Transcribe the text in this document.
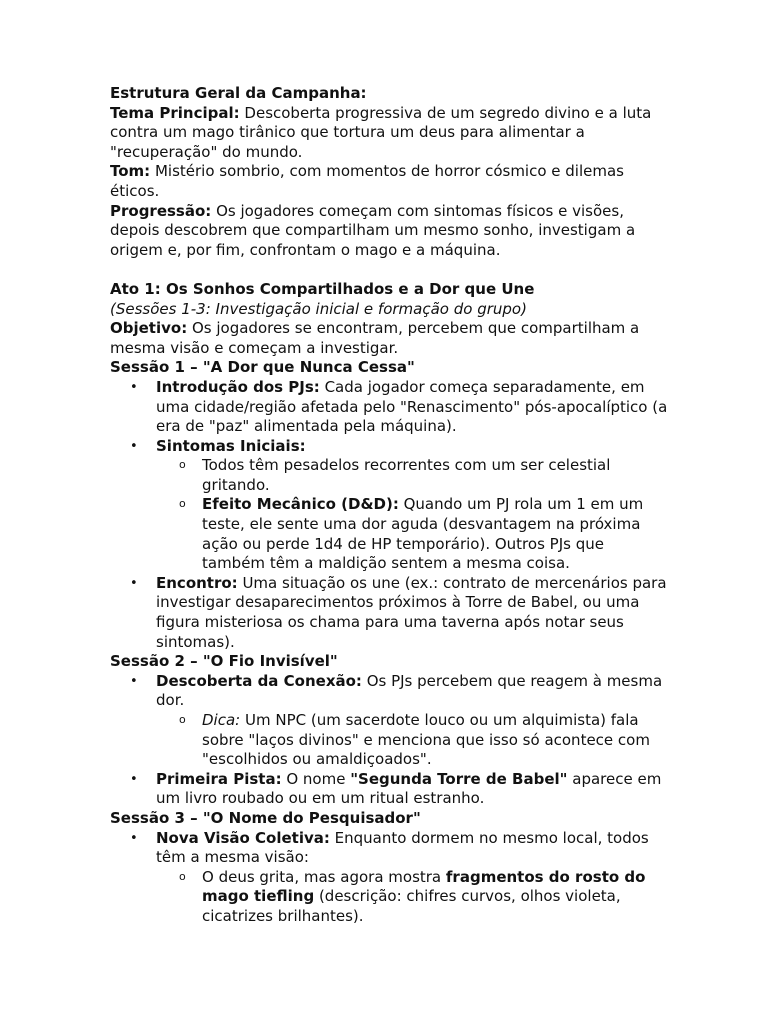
Estrutura Geral da Campanha:

Tema Principal: Descoberta progressiva de um segredo divino e a luta contra um mago tirânico que tortura um deus para alimentar a "recuperação" do mundo.

Tom: Mistério sombrio, com momentos de horror cósmico e dilemas éticos.

Progressão: Os jogadores começam com sintomas físicos e visões, depois descobrem que compartilham um mesmo sonho, investigam a origem e, por fim, confrontam o mago e a máquina.

Ato 1: Os Sonhos Compartilhados e a Dor que Une

(Sessões 1-3: Investigação inicial e formação do grupo)

Objetivo: Os jogadores se encontram, percebem que compartilham a mesma visão e começam a investigar.

Sessão 1 – "A Dor que Nunca Cessa"

• Introdução dos PJs: Cada jogador começa separadamente, em uma cidade/região afetada pelo "Renascimento" pós-apocalíptico (a era de "paz" alimentada pela máquina).
• Sintomas Iniciais:
o Todos têm pesadelos recorrentes com um ser celestial gritando.
o Efeito Mecânico (D&D): Quando um PJ rola um 1 em um teste, ele sente uma dor aguda (desvantagem na próxima ação ou perde 1d4 de HP temporário). Outros PJs que também têm a maldição sentem a mesma coisa.
• Encontro: Uma situação os une (ex.: contrato de mercenários para investigar desaparecimentos próximos à Torre de Babel, ou uma figura misteriosa os chama para uma taverna após notar seus sintomas).

Sessão 2 – "O Fio Invisível"

• Descoberta da Conexão: Os PJs percebem que reagem à mesma dor.
o Dica: Um NPC (um sacerdote louco ou um alquimista) fala sobre "laços divinos" e menciona que isso só acontece com "escolhidos ou amaldiçoados".
• Primeira Pista: O nome "Segunda Torre de Babel" aparece em um livro roubado ou em um ritual estranho.

Sessão 3 – "O Nome do Pesquisador"

• Nova Visão Coletiva: Enquanto dormem no mesmo local, todos têm a mesma visão:
o O deus grita, mas agora mostra fragmentos do rosto do mago tiefling (descrição: chifres curvos, olhos violeta, cicatrizes brilhantes).
